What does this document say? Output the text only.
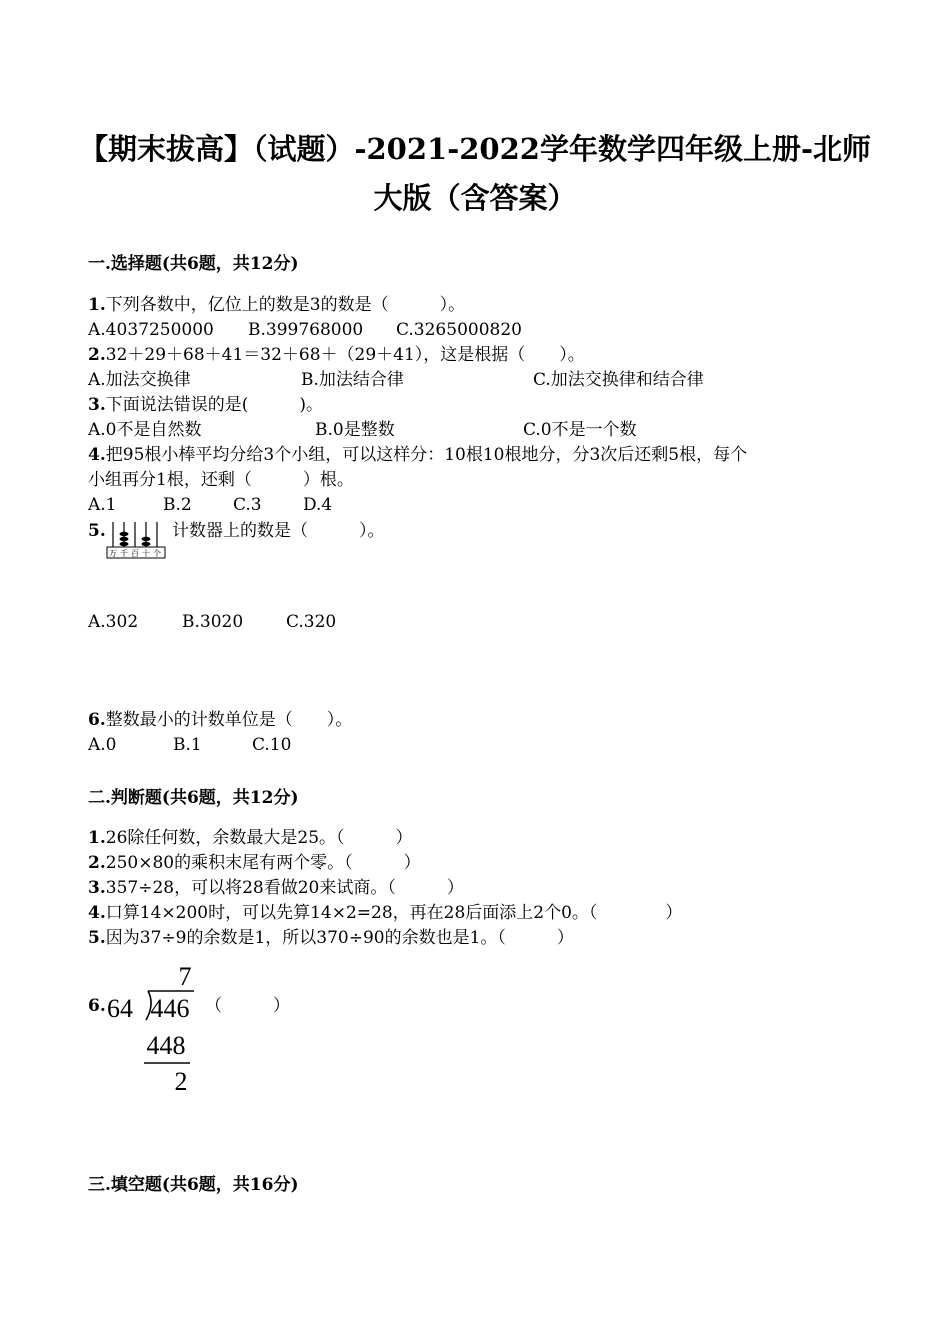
【期末拔高】（试题）-2021-2022学年数学四年级上册-北师
大版（含答案）
一.选择题(共6题，共12分)
1.下列各数中，亿位上的数是3的数是（　　　）。
A.4037250000 B.399768000 C.3265000820
2.32＋29＋68＋41＝32＋68＋（29＋41），这是根据（　　）。
A.加法交换律	B.加法结合律	C.加法交换律和结合律
3.下面说法错误的是(　　　)。
A.0不是自然数	B.0是整数	C.0不是一个数
4.把95根小棒平均分给3个小组，可以这样分：10根10根地分，分3次后还剩5根，每个
小组再分1根，还剩（　　　）根。
A.1	B.2 C.3 D.4
5.
万 千 百 十 个
计数器上的数是（　　　）。
A.302	B.3020	C.320
6.整数最小的计数单位是（　　）。
A.0	B.1	C.10
二.判断题(共6题，共12分)
1.26除任何数，余数最大是25。（　　　）
2.250×80的乘积末尾有两个零。（　　　）
3.357÷28，可以将28看做20来试商。（　　　）
4.口算14×200时，可以先算14×2=28，再在28后面添上2个0。（　　　　）
5.因为37÷9的余数是1，所以370÷90的余数也是1。（　　　）
6.
7
64 446
448
2
（　　　）
三.填空题(共6题，共16分)
